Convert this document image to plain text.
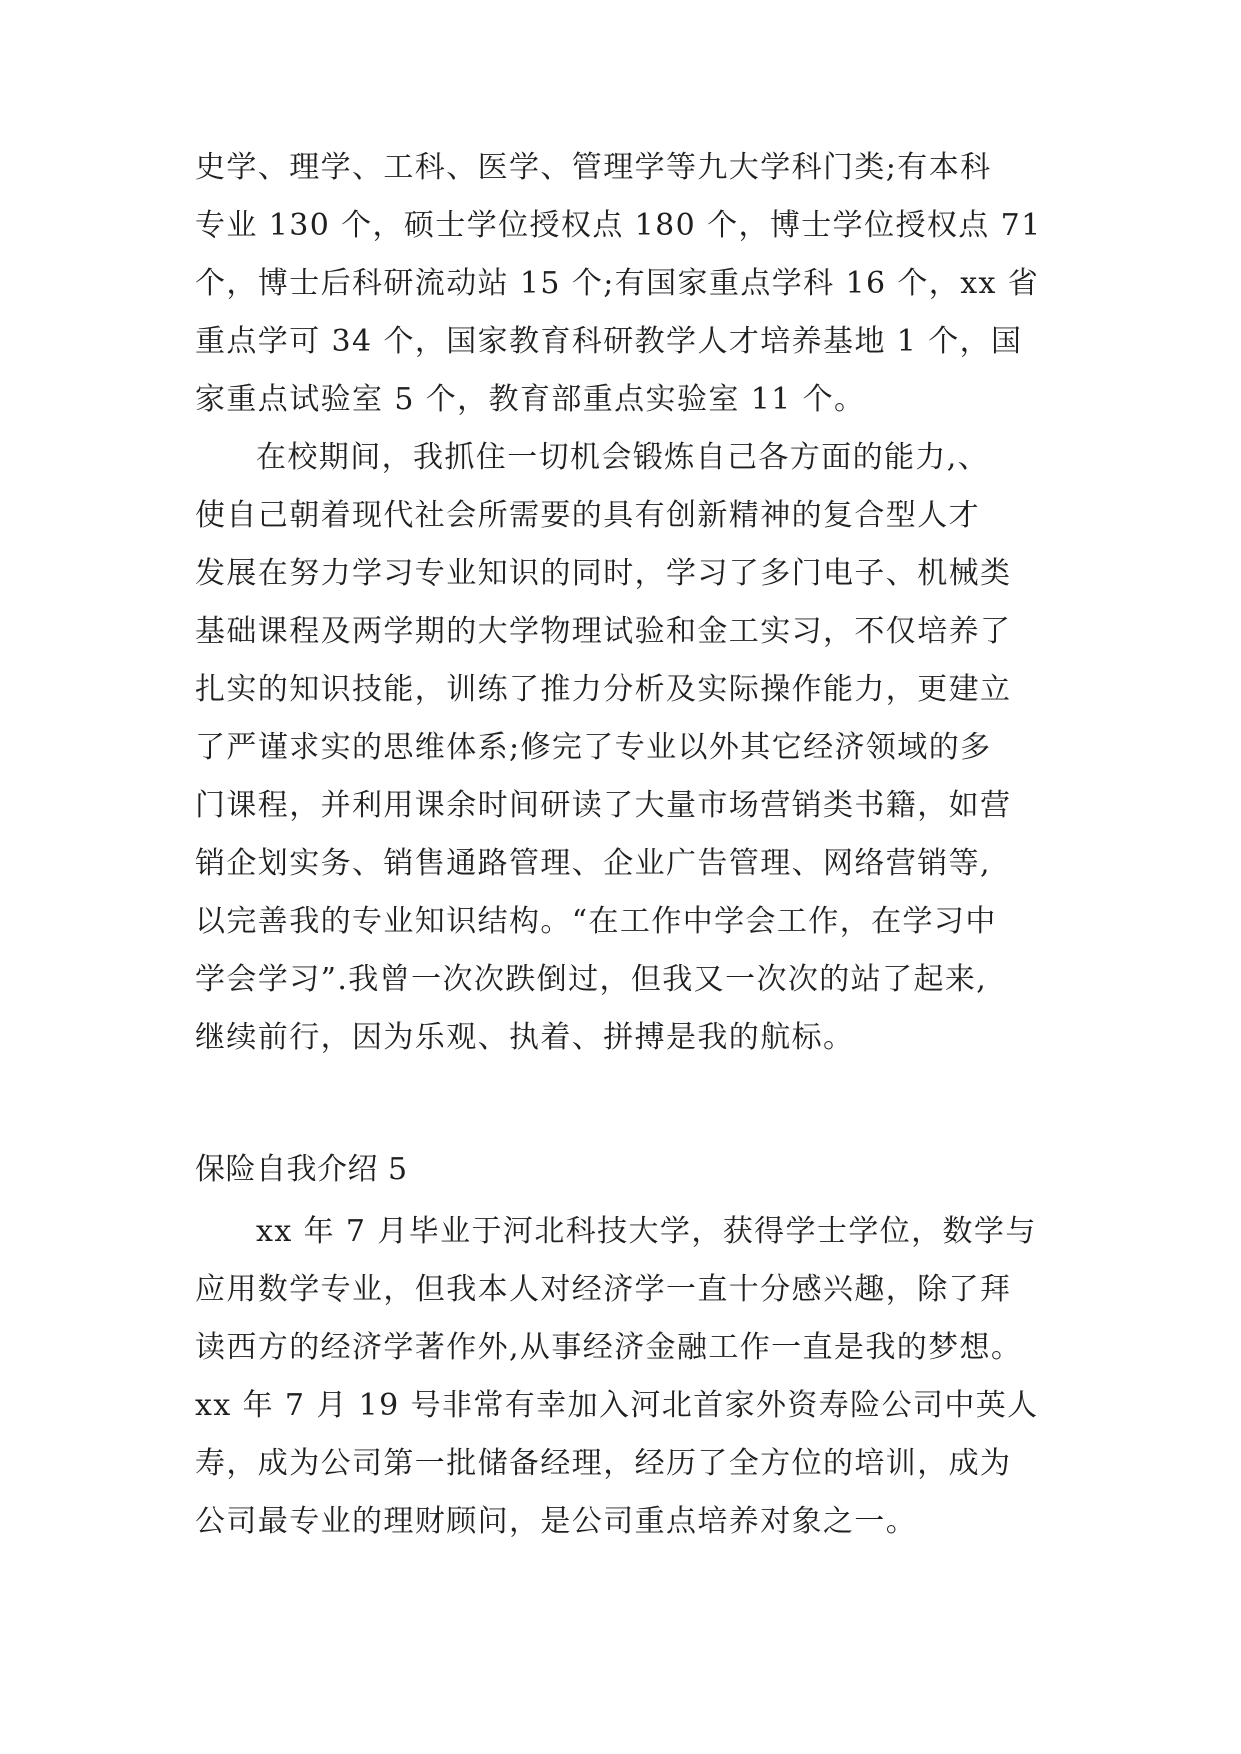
史学、理学、工科、医学、管理学等九大学科门类;有本科
专业 130 个，硕士学位授权点 180 个，博士学位授权点 71
个，博士后科研流动站 15 个;有国家重点学科 16 个，xx 省
重点学可 34 个，国家教育科研教学人才培养基地 1 个，国
家重点试验室 5 个，教育部重点实验室 11 个。
在校期间，我抓住一切机会锻炼自己各方面的能力,、
使自己朝着现代社会所需要的具有创新精神的复合型人才
发展在努力学习专业知识的同时，学习了多门电子、机械类
基础课程及两学期的大学物理试验和金工实习，不仅培养了
扎实的知识技能，训练了推力分析及实际操作能力，更建立
了严谨求实的思维体系;修完了专业以外其它经济领域的多
门课程，并利用课余时间研读了大量市场营销类书籍，如营
销企划实务、销售通路管理、企业广告管理、网络营销等,
以完善我的专业知识结构。“在工作中学会工作，在学习中
学会学习”.我曾一次次跌倒过，但我又一次次的站了起来,
继续前行，因为乐观、执着、拼搏是我的航标。
保险自我介绍 5
xx 年 7 月毕业于河北科技大学，获得学士学位，数学与
应用数学专业，但我本人对经济学一直十分感兴趣，除了拜
读西方的经济学著作外,从事经济金融工作一直是我的梦想。
xx 年 7 月 19 号非常有幸加入河北首家外资寿险公司中英人
寿，成为公司第一批储备经理，经历了全方位的培训，成为
公司最专业的理财顾问，是公司重点培养对象之一。
